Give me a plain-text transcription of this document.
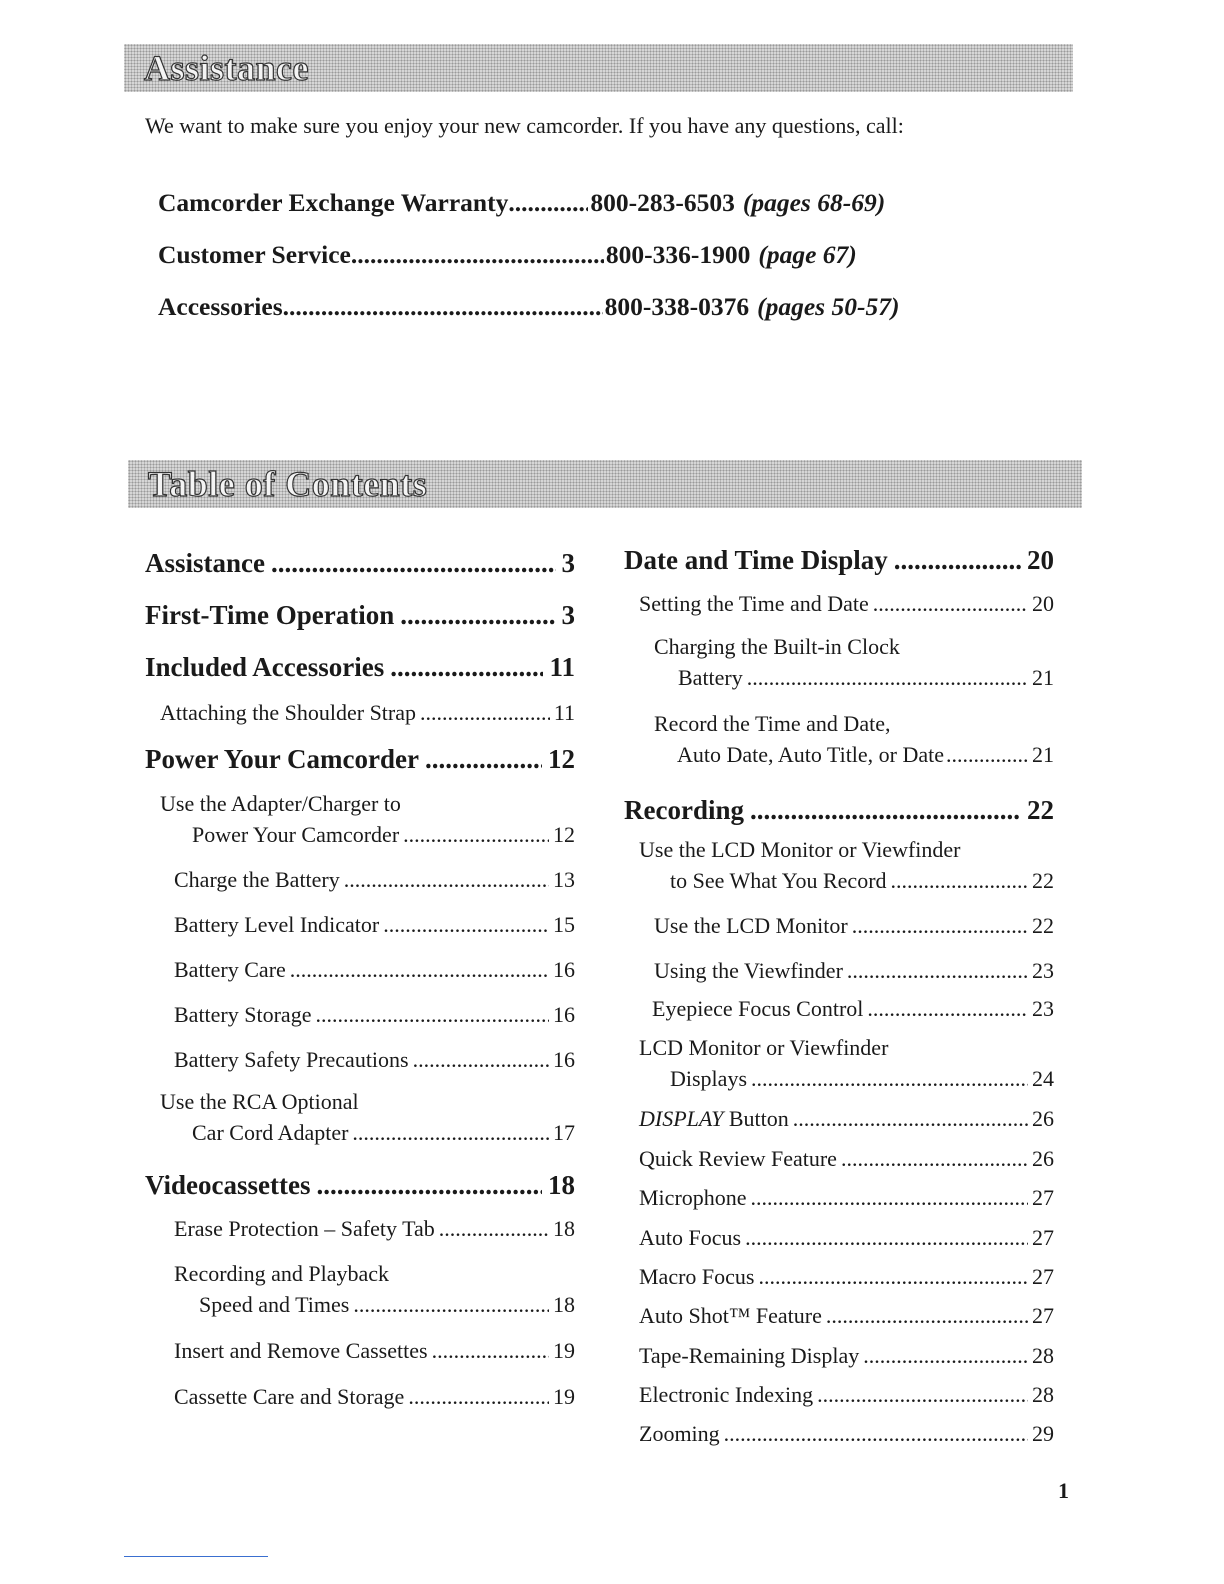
Assistance

We want to make sure you enjoy your new camcorder. If you have any questions, call:

Camcorder Exchange Warranty .....	800-283-6503 (pages 68-69)
Customer Service .....	800-336-1900 (page 67)
Accessories .....	800-338-0376 (pages 50-57)
Table of Contents
Assistance .....	3
First-Time Operation .....	3
Included Accessories .....	11
Attaching the Shoulder Strap .....	11
Power Your Camcorder .....	12
Use the Adapter/Charger to
Power Your Camcorder .....	12
Charge the Battery .....	13
Battery Level Indicator .....	15
Battery Care .....	16
Battery Storage .....	16
Battery Safety Precautions .....	16
Use the RCA Optional
Car Cord Adapter .....	17
Videocassettes .....	18
Erase Protection – Safety Tab .....	18
Recording and Playback
Speed and Times .....	18
Insert and Remove Cassettes .....	19
Cassette Care and Storage .....	19
Date and Time Display .....	20
Setting the Time and Date .....	20
Charging the Built-in Clock
Battery .....	21
Record the Time and Date,
Auto Date, Auto Title, or Date .....	21
Recording .....	22
Use the LCD Monitor or Viewfinder
to See What You Record .....	22
Use the LCD Monitor .....	22
Using the Viewfinder .....	23
Eyepiece Focus Control .....	23
LCD Monitor or Viewfinder
Displays .....	24
DISPLAY Button .....	26
Quick Review Feature .....	26
Microphone .....	27
Auto Focus .....	27
Macro Focus .....	27
Auto Shot™ Feature .....	27
Tape-Remaining Display .....	28
Electronic Indexing .....	28
Zooming .....	29
1
